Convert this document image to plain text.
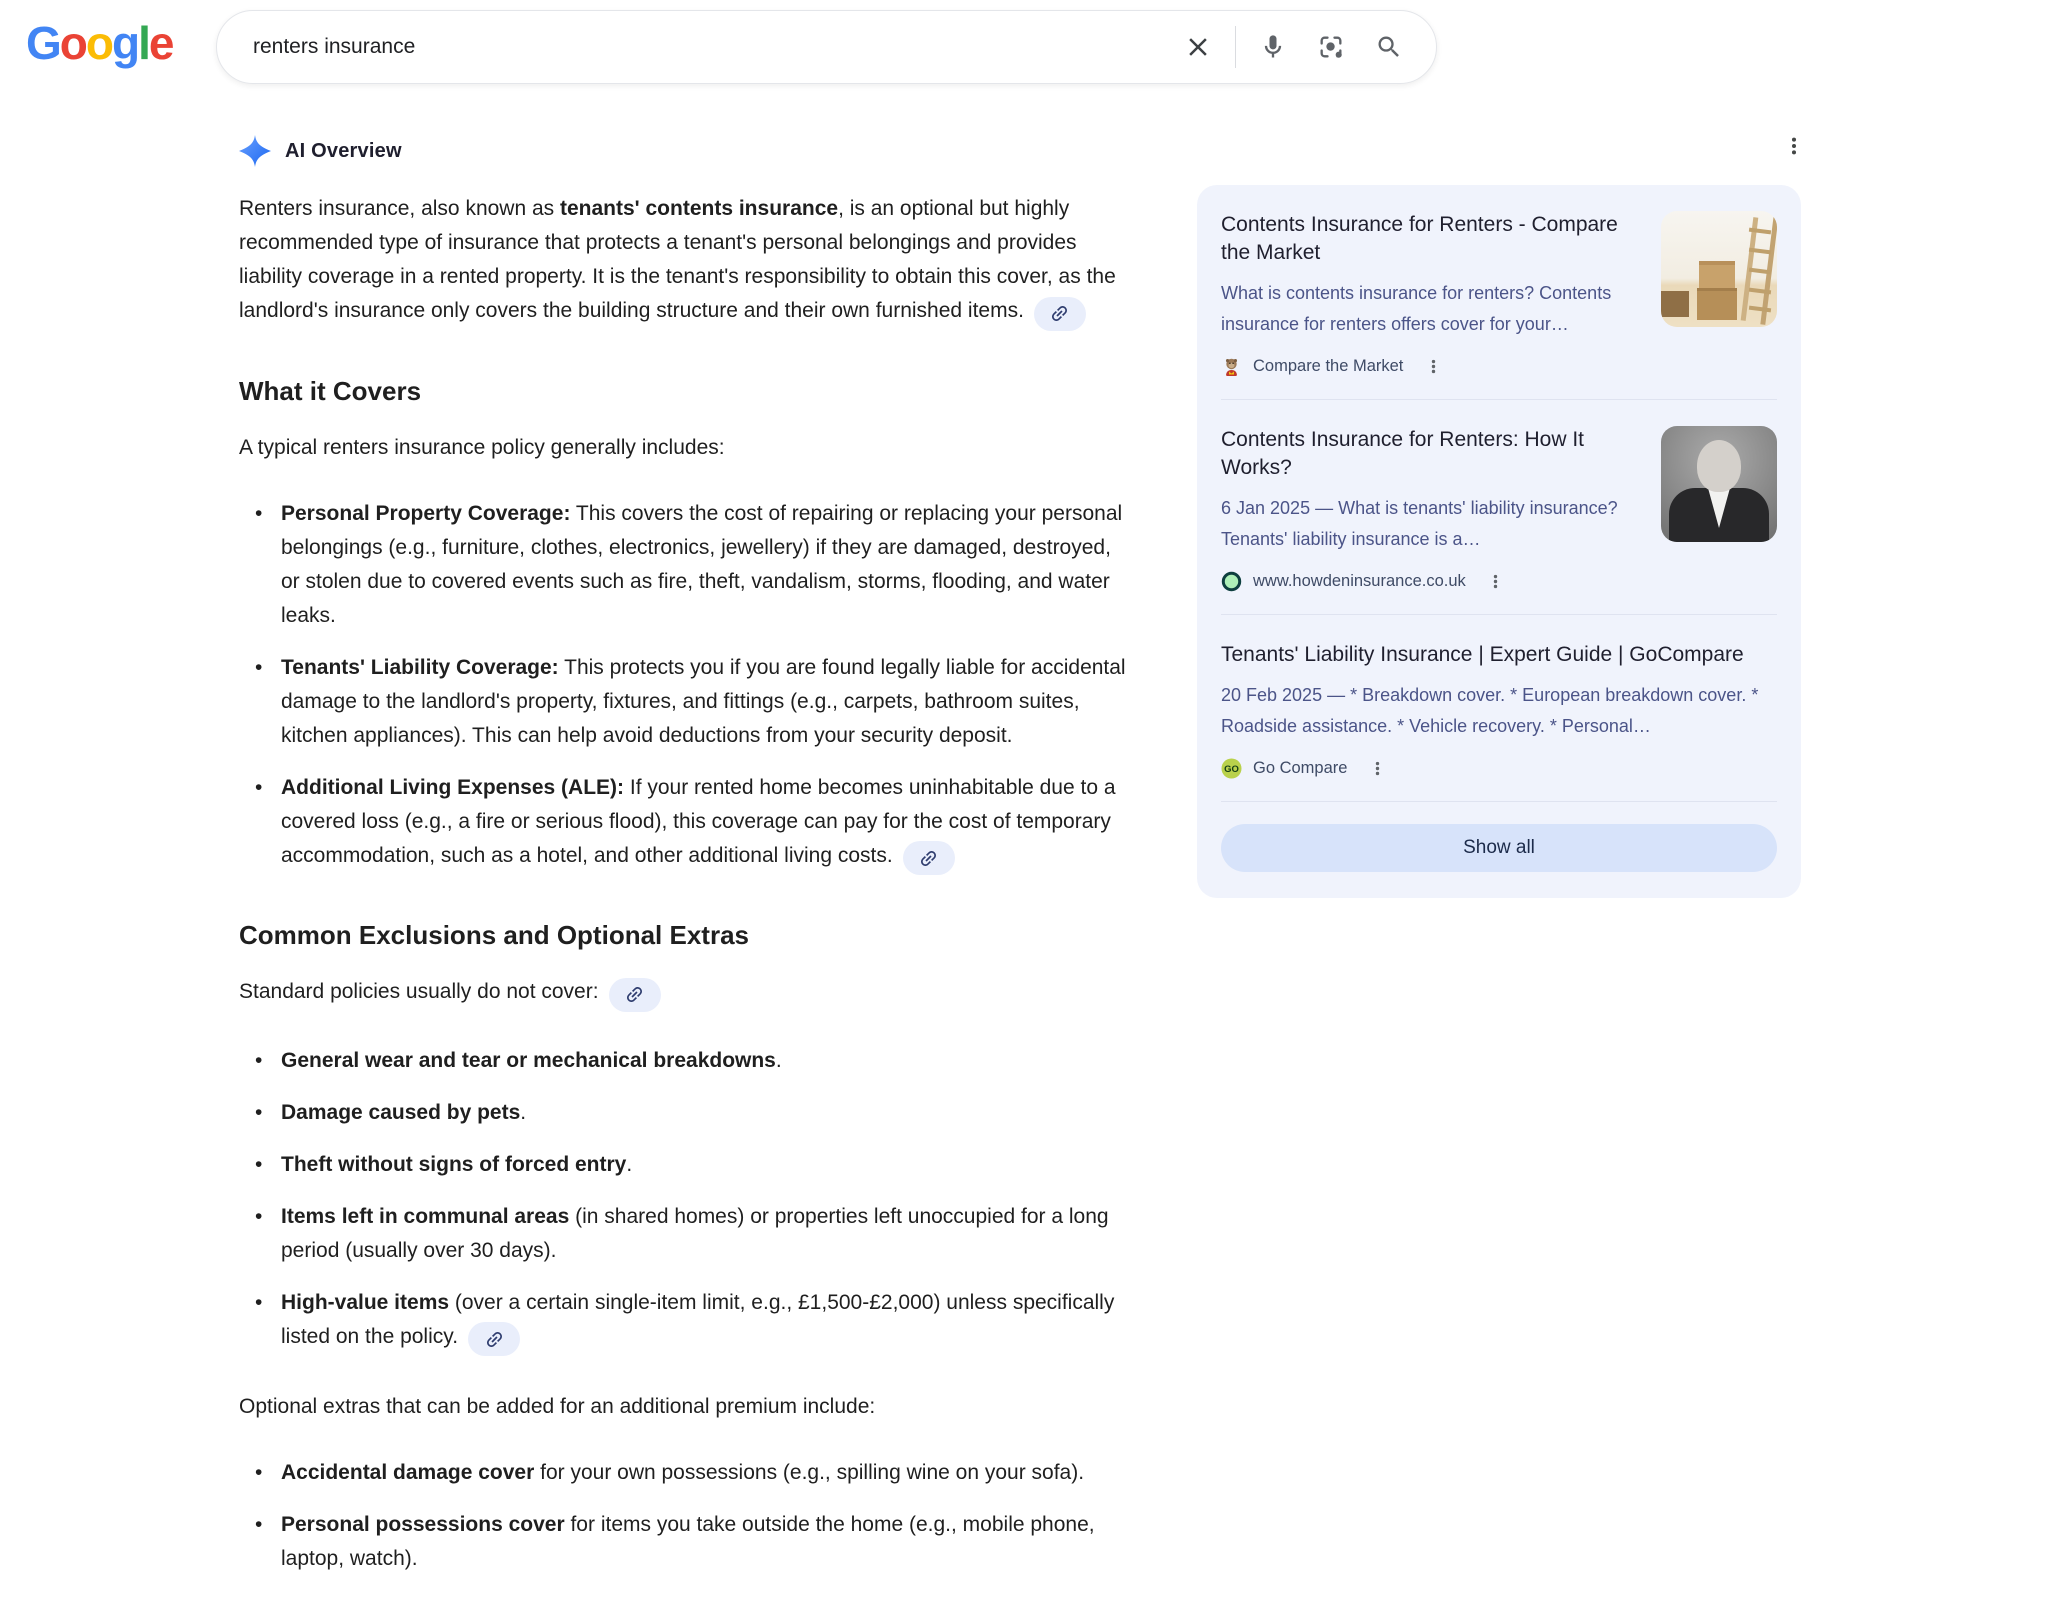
Google	renters insurance
AI Overview
Renters insurance, also known as tenants' contents insurance, is an optional but highly recommended type of insurance that protects a tenant's personal belongings and provides liability coverage in a rented property. It is the tenant's responsibility to obtain this cover, as the landlord's insurance only covers the building structure and their own furnished items.
What it Covers
A typical renters insurance policy generally includes:
• Personal Property Coverage: This covers the cost of repairing or replacing your personal belongings (e.g., furniture, clothes, electronics, jewellery) if they are damaged, destroyed, or stolen due to covered events such as fire, theft, vandalism, storms, flooding, and water leaks.
• Tenants' Liability Coverage: This protects you if you are found legally liable for accidental damage to the landlord's property, fixtures, and fittings (e.g., carpets, bathroom suites, kitchen appliances). This can help avoid deductions from your security deposit.
• Additional Living Expenses (ALE): If your rented home becomes uninhabitable due to a covered loss (e.g., a fire or serious flood), this coverage can pay for the cost of temporary accommodation, such as a hotel, and other additional living costs.
Common Exclusions and Optional Extras
Standard policies usually do not cover:
• General wear and tear or mechanical breakdowns.
• Damage caused by pets.
• Theft without signs of forced entry.
• Items left in communal areas (in shared homes) or properties left unoccupied for a long period (usually over 30 days).
• High-value items (over a certain single-item limit, e.g., £1,500-£2,000) unless specifically listed on the policy.
Optional extras that can be added for an additional premium include:
• Accidental damage cover for your own possessions (e.g., spilling wine on your sofa).
• Personal possessions cover for items you take outside the home (e.g., mobile phone, laptop, watch).
Contents Insurance for Renters - Compare the Market
What is contents insurance for renters? Contents insurance for renters offers cover for your…
Compare the Market
Contents Insurance for Renters: How It Works?
6 Jan 2025 — What is tenants' liability insurance? Tenants' liability insurance is a…
www.howdeninsurance.co.uk
Tenants' Liability Insurance | Expert Guide | GoCompare
20 Feb 2025 — * Breakdown cover. * European breakdown cover. * Roadside assistance. * Vehicle recovery. * Personal…
GO Go Compare
Show all
